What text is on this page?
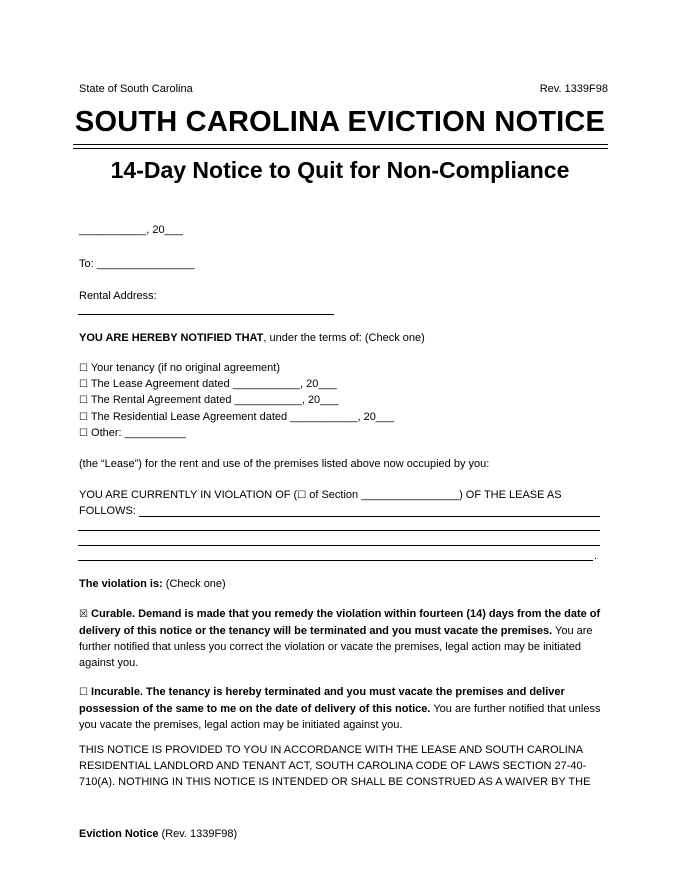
State of South Carolina	Rev. 1339F98
SOUTH CAROLINA EVICTION NOTICE
14-Day Notice to Quit for Non-Compliance
___________, 20___
To: ________________
Rental Address:
YOU ARE HEREBY NOTIFIED THAT, under the terms of: (Check one)
☐ Your tenancy (if no original agreement)
☐ The Lease Agreement dated ___________, 20___
☐ The Rental Agreement dated ___________, 20___
☐ The Residential Lease Agreement dated ___________, 20___
☐ Other: __________
(the “Lease”) for the rent and use of the premises listed above now occupied by you:
YOU ARE CURRENTLY IN VIOLATION OF (☐ of Section ________________) OF THE LEASE AS
FOLLOWS:
.
The violation is: (Check one)
☒ Curable. Demand is made that you remedy the violation within fourteen (14) days from the date of delivery of this notice or the tenancy will be terminated and you must vacate the premises. You are further notified that unless you correct the violation or vacate the premises, legal action may be initiated against you.
☐ Incurable. The tenancy is hereby terminated and you must vacate the premises and deliver possession of the same to me on the date of delivery of this notice. You are further notified that unless you vacate the premises, legal action may be initiated against you.
THIS NOTICE IS PROVIDED TO YOU IN ACCORDANCE WITH THE LEASE AND SOUTH CAROLINA RESIDENTIAL LANDLORD AND TENANT ACT, SOUTH CAROLINA CODE OF LAWS SECTION 27-40-710(A). NOTHING IN THIS NOTICE IS INTENDED OR SHALL BE CONSTRUED AS A WAIVER BY THE
Eviction Notice (Rev. 1339F98)
